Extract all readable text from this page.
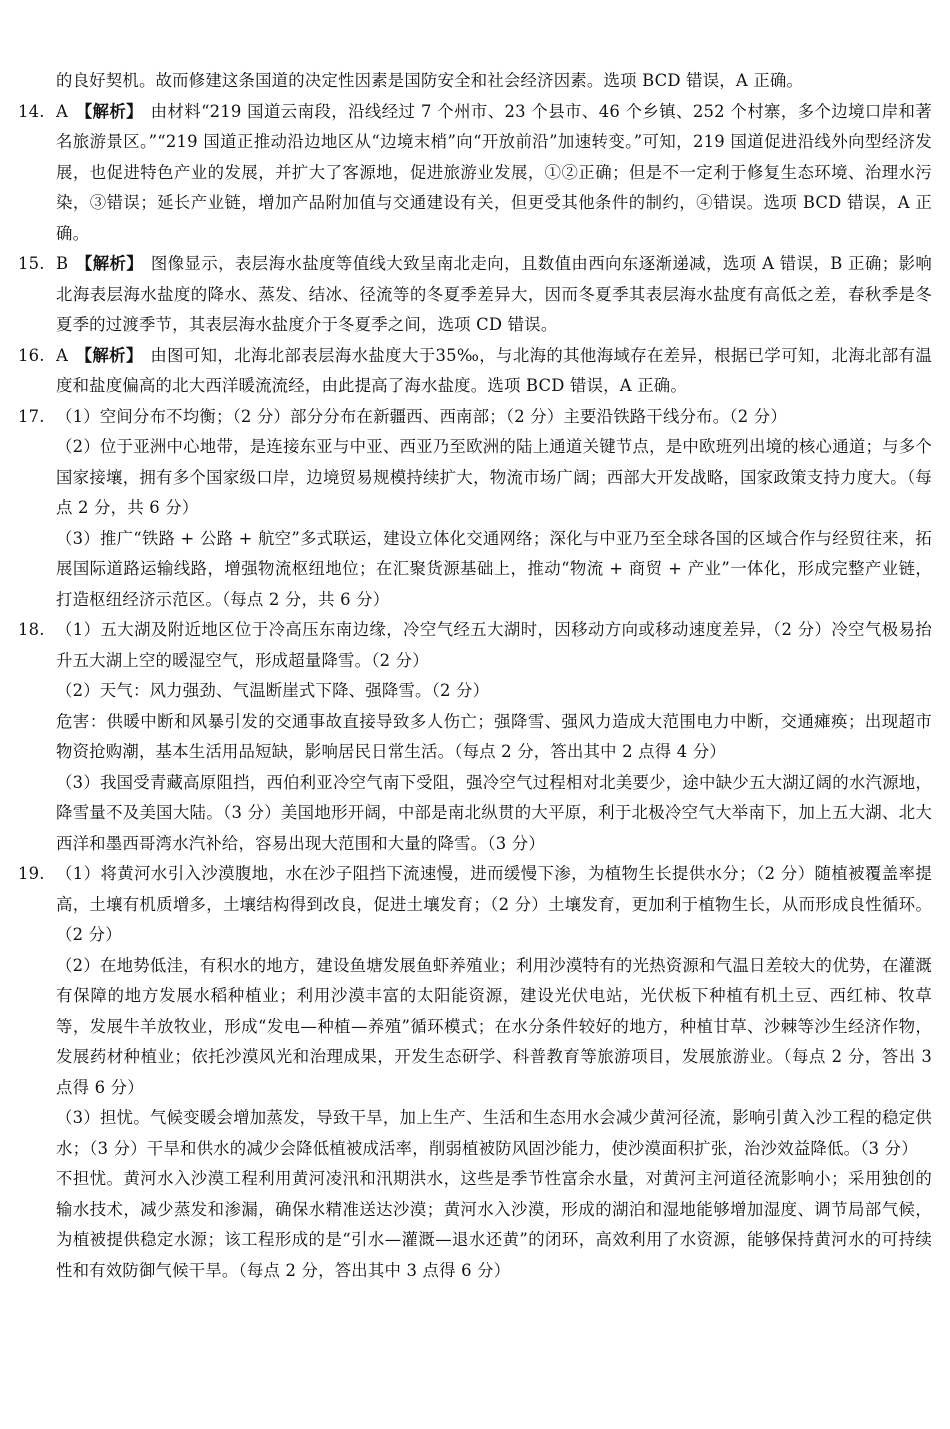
的良好契机。故而修建这条国道的决定性因素是国防安全和社会经济因素。选项 BCD 错误，A 正确。

14. A 【解析】 由材料“219 国道云南段，沿线经过 7 个州市、23 个县市、46 个乡镇、252 个村寨，多个边境口岸和著名旅游景区。”“219 国道正推动沿边地区从“边境末梢”向“开放前沿”加速转变。”可知，219 国道促进沿线外向型经济发展，也促进特色产业的发展，并扩大了客源地，促进旅游业发展，①②正确；但是不一定利于修复生态环境、治理水污染，③错误；延长产业链，增加产品附加值与交通建设有关，但更受其他条件的制约，④错误。选项 BCD 错误，A 正确。
15. B 【解析】 图像显示，表层海水盐度等值线大致呈南北走向，且数值由西向东逐渐递减，选项 A 错误，B 正确；影响北海表层海水盐度的降水、蒸发、结冰、径流等的冬夏季差异大，因而冬夏季其表层海水盐度有高低之差，春秋季是冬夏季的过渡季节，其表层海水盐度介于冬夏季之间，选项 CD 错误。
16. A 【解析】 由图可知，北海北部表层海水盐度大于35‰，与北海的其他海域存在差异，根据已学可知，北海北部有温度和盐度偏高的北大西洋暖流流经，由此提高了海水盐度。选项 BCD 错误，A 正确。
17. （1）空间分布不均衡；（2 分）部分分布在新疆西、西南部；（2 分）主要沿铁路干线分布。（2 分）

（2）位于亚洲中心地带，是连接东亚与中亚、西亚乃至欧洲的陆上通道关键节点，是中欧班列出境的核心通道；与多个国家接壤，拥有多个国家级口岸，边境贸易规模持续扩大，物流市场广阔；西部大开发战略，国家政策支持力度大。（每点 2 分，共 6 分）

（3）推广“铁路 + 公路 + 航空”多式联运，建设立体化交通网络；深化与中亚乃至全球各国的区域合作与经贸往来，拓展国际道路运输线路，增强物流枢纽地位；在汇聚货源基础上，推动“物流 + 商贸 + 产业”一体化，形成完整产业链，打造枢纽经济示范区。（每点 2 分，共 6 分）

18. （1）五大湖及附近地区位于冷高压东南边缘，冷空气经五大湖时，因移动方向或移动速度差异，（2 分）冷空气极易抬升五大湖上空的暖湿空气，形成超量降雪。（2 分）

（2）天气：风力强劲、气温断崖式下降、强降雪。（2 分）

危害：供暖中断和风暴引发的交通事故直接导致多人伤亡；强降雪、强风力造成大范围电力中断，交通瘫痪；出现超市物资抢购潮，基本生活用品短缺，影响居民日常生活。（每点 2 分，答出其中 2 点得 4 分）

（3）我国受青藏高原阻挡，西伯利亚冷空气南下受阻，强冷空气过程相对北美要少，途中缺少五大湖辽阔的水汽源地，降雪量不及美国大陆。（3 分）美国地形开阔，中部是南北纵贯的大平原，利于北极冷空气大举南下，加上五大湖、北大西洋和墨西哥湾水汽补给，容易出现大范围和大量的降雪。（3 分）

19. （1）将黄河水引入沙漠腹地，水在沙子阻挡下流速慢，进而缓慢下渗，为植物生长提供水分；（2 分）随植被覆盖率提高，土壤有机质增多，土壤结构得到改良，促进土壤发育；（2 分）土壤发育，更加利于植物生长，从而形成良性循环。（2 分）

（2）在地势低洼，有积水的地方，建设鱼塘发展鱼虾养殖业；利用沙漠特有的光热资源和气温日差较大的优势，在灌溉有保障的地方发展水稻种植业；利用沙漠丰富的太阳能资源，建设光伏电站，光伏板下种植有机土豆、西红柿、牧草等，发展牛羊放牧业，形成“发电—种植—养殖”循环模式；在水分条件较好的地方，种植甘草、沙棘等沙生经济作物，发展药材种植业；依托沙漠风光和治理成果，开发生态研学、科普教育等旅游项目，发展旅游业。（每点 2 分，答出 3 点得 6 分）

（3）担忧。气候变暖会增加蒸发，导致干旱，加上生产、生活和生态用水会减少黄河径流，影响引黄入沙工程的稳定供水；（3 分）干旱和供水的减少会降低植被成活率，削弱植被防风固沙能力，使沙漠面积扩张，治沙效益降低。（3 分）

不担忧。黄河水入沙漠工程利用黄河凌汛和汛期洪水，这些是季节性富余水量，对黄河主河道径流影响小；采用独创的输水技术，减少蒸发和渗漏，确保水精准送达沙漠；黄河水入沙漠，形成的湖泊和湿地能够增加湿度、调节局部气候，为植被提供稳定水源；该工程形成的是“引水—灌溉—退水还黄”的闭环，高效利用了水资源，能够保持黄河水的可持续性和有效防御气候干旱。（每点 2 分，答出其中 3 点得 6 分）
